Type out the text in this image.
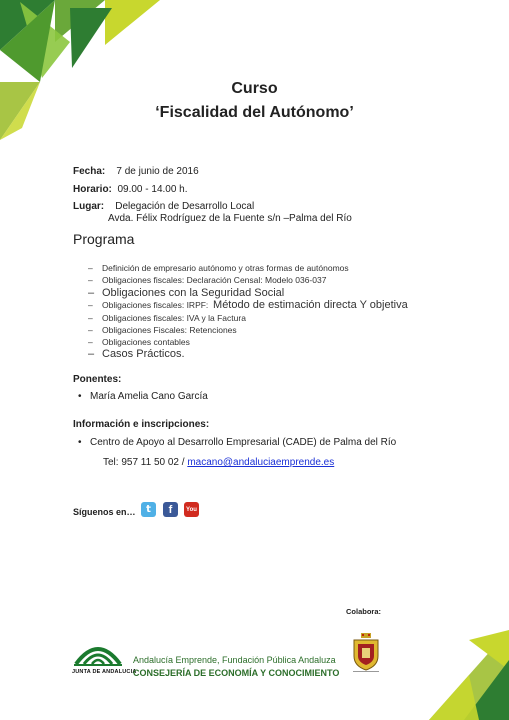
Curso
‘Fiscalidad del Autónomo’
Fecha: 7 de junio de 2016
Horario: 09.00 - 14.00 h.
Lugar: Delegación de Desarrollo Local
Avda. Félix Rodríguez de la Fuente s/n –Palma del Río
Programa
– Definición de empresario autónomo y otras formas de autónomos
– Obligaciones fiscales: Declaración Censal: Modelo 036-037
– Obligaciones con la Seguridad Social
– Obligaciones fiscales: IRPF: Método de estimación directa Y objetiva
– Obligaciones fiscales: IVA y la Factura
– Obligaciones Fiscales: Retenciones
– Obligaciones contables
– Casos Prácticos.
Ponentes:
• María Amelia Cano García
Información e inscripciones:
• Centro de Apoyo al Desarrollo Empresarial (CADE) de Palma del Río
Tel: 957 11 50 02 / macano@andaluciaemprende.es
Síguenos en…	t	f	You
Colabora:
JUNTA DE ANDALUCIA
Andalucía Emprende, Fundación Pública Andaluza
CONSEJERÍA DE ECONOMÍA Y CONOCIMIENTO
